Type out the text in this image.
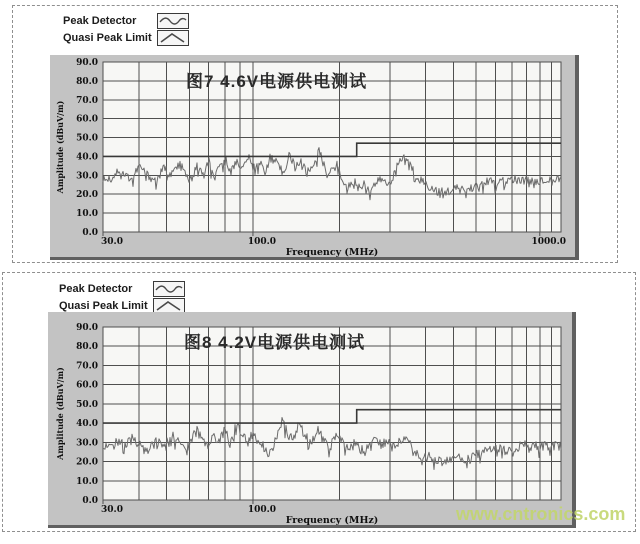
Peak Detector
Quasi Peak Limit
图7 4.6V电源供电测试
0.0
10.0
20.0
30.0
40.0
50.0
60.0
70.0
80.0
90.0
30.0	100.0	1000.0
Frequency (MHz)
Amplitude (dBuV/m)
Peak Detector
Quasi Peak Limit
图8 4.2V电源供电测试
0.0
10.0
20.0
30.0
40.0
50.0
60.0
70.0
80.0
90.0
30.0	100.0
Frequency (MHz)
Amplitude (dBuV/m)
www.cntronics.com
